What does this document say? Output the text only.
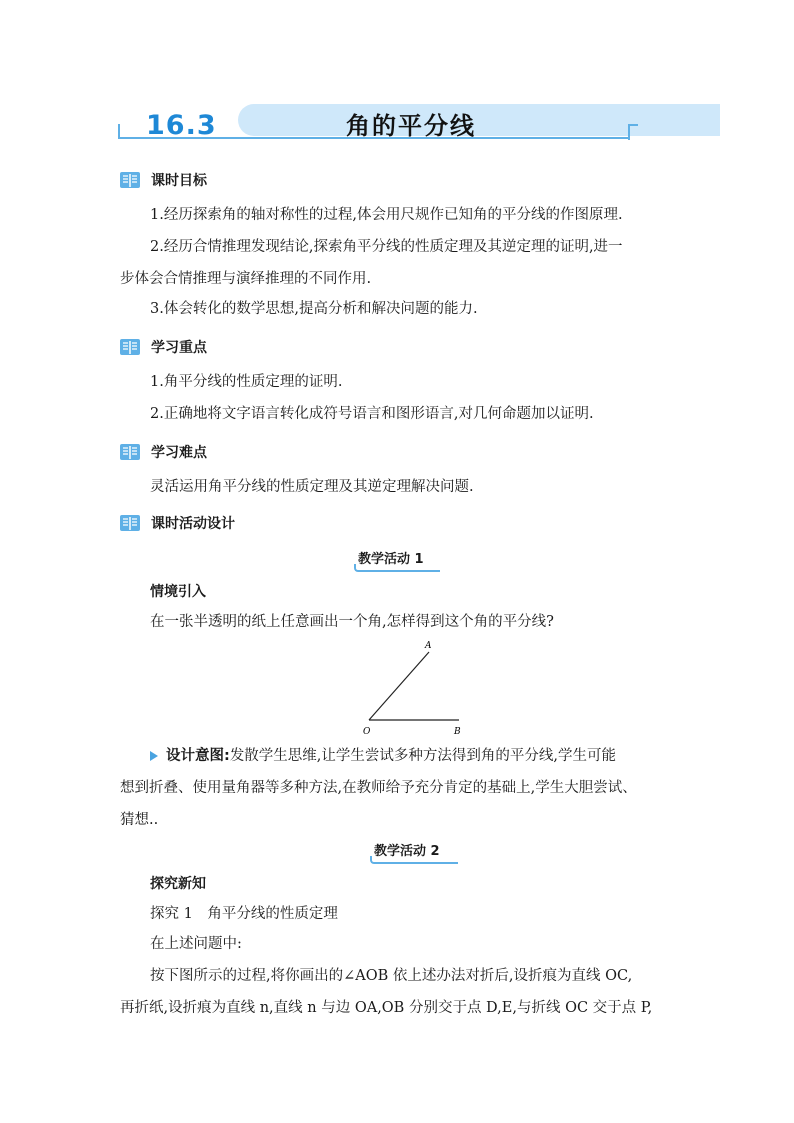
16.3	角的平分线
课时目标
1.经历探索角的轴对称性的过程,体会用尺规作已知角的平分线的作图原理.
2.经历合情推理发现结论,探索角平分线的性质定理及其逆定理的证明,进一
步体会合情推理与演绎推理的不同作用.
3.体会转化的数学思想,提高分析和解决问题的能力.
学习重点
1.角平分线的性质定理的证明.
2.正确地将文字语言转化成符号语言和图形语言,对几何命题加以证明.
学习难点
灵活运用角平分线的性质定理及其逆定理解决问题.
课时活动设计
教学活动 1
情境引入
在一张半透明的纸上任意画出一个角,怎样得到这个角的平分线?
A
O	B
设计意图:发散学生思维,让学生尝试多种方法得到角的平分线,学生可能
想到折叠、使用量角器等多种方法,在教师给予充分肯定的基础上,学生大胆尝试、
猜想..
教学活动 2
探究新知
探究 1　角平分线的性质定理
在上述问题中:
按下图所示的过程,将你画出的∠AOB 依上述办法对折后,设折痕为直线 OC,
再折纸,设折痕为直线 n,直线 n 与边 OA,OB 分别交于点 D,E,与折线 OC 交于点 P,
